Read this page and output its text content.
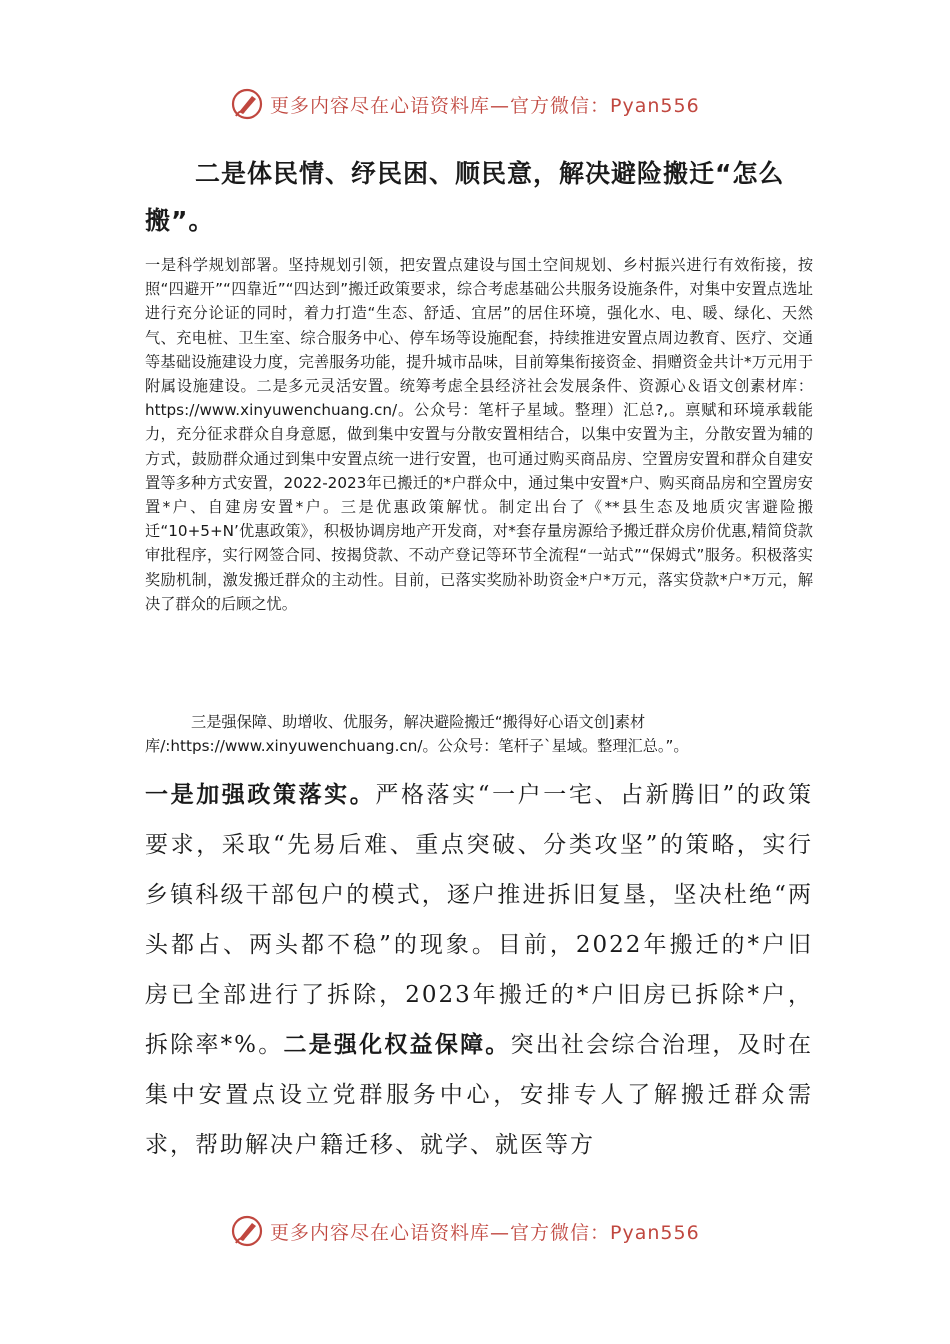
更多内容尽在心语资料库—官方微信：Pyan556

二是体民情、纾民困、顺民意，解决避险搬迁“怎么搬”。

一是科学规划部署。坚持规划引领，把安置点建设与国土空间规划、乡村振兴进行有效衔接，按照“四避开”“四靠近”“四达到”搬迁政策要求，综合考虑基础公共服务设施条件，对集中安置点选址进行充分论证的同时，着力打造“生态、舒适、宜居”的居住环境，强化水、电、暖、绿化、天然气、充电桩、卫生室、综合服务中心、停车场等设施配套，持续推进安置点周边教育、医疗、交通等基础设施建设力度，完善服务功能，提升城市品味，目前筹集衔接资金、捐赠资金共计*万元用于附属设施建设。二是多元灵活安置。统筹考虑全县经济社会发展条件、资源心＆语文创素材库：https://www.xinyuwenchuang.cn/。公众号：笔杆子星域。整理）汇总?,。禀赋和环境承载能力，充分征求群众自身意愿，做到集中安置与分散安置相结合，以集中安置为主，分散安置为辅的方式，鼓励群众通过到集中安置点统一进行安置，也可通过购买商品房、空置房安置和群众自建安置等多种方式安置，2022-2023年已搬迁的*户群众中，通过集中安置*户、购买商品房和空置房安置*户、自建房安置*户。三是优惠政策解忧。制定出台了《**县生态及地质灾害避险搬迁“10+5+N’优惠政策》，积极协调房地产开发商，对*套存量房源给予搬迁群众房价优惠,精简贷款审批程序，实行网签合同、按揭贷款、不动产登记等环节全流程“一站式”“保姆式”服务。积极落实奖励机制，激发搬迁群众的主动性。目前，已落实奖励补助资金*户*万元，落实贷款*户*万元，解决了群众的后顾之忧。

三是强保障、助增收、优服务，解决避险搬迁“搬得好心语文创]素材库/:https://www.xinyuwenchuang.cn/。公众号：笔杆子`星域。整理汇总。”。

一是加强政策落实。严格落实“一户一宅、占新腾旧”的政策要求，采取“先易后难、重点突破、分类攻坚”的策略，实行乡镇科级干部包户的模式，逐户推进拆旧复垦，坚决杜绝“两头都占、两头都不稳”的现象。目前，2022年搬迁的*户旧房已全部进行了拆除，2023年搬迁的*户旧房已拆除*户，拆除率*%。二是强化权益保障。突出社会综合治理，及时在集中安置点设立党群服务中心，安排专人了解搬迁群众需求，帮助解决户籍迁移、就学、就医等方

更多内容尽在心语资料库—官方微信：Pyan556
